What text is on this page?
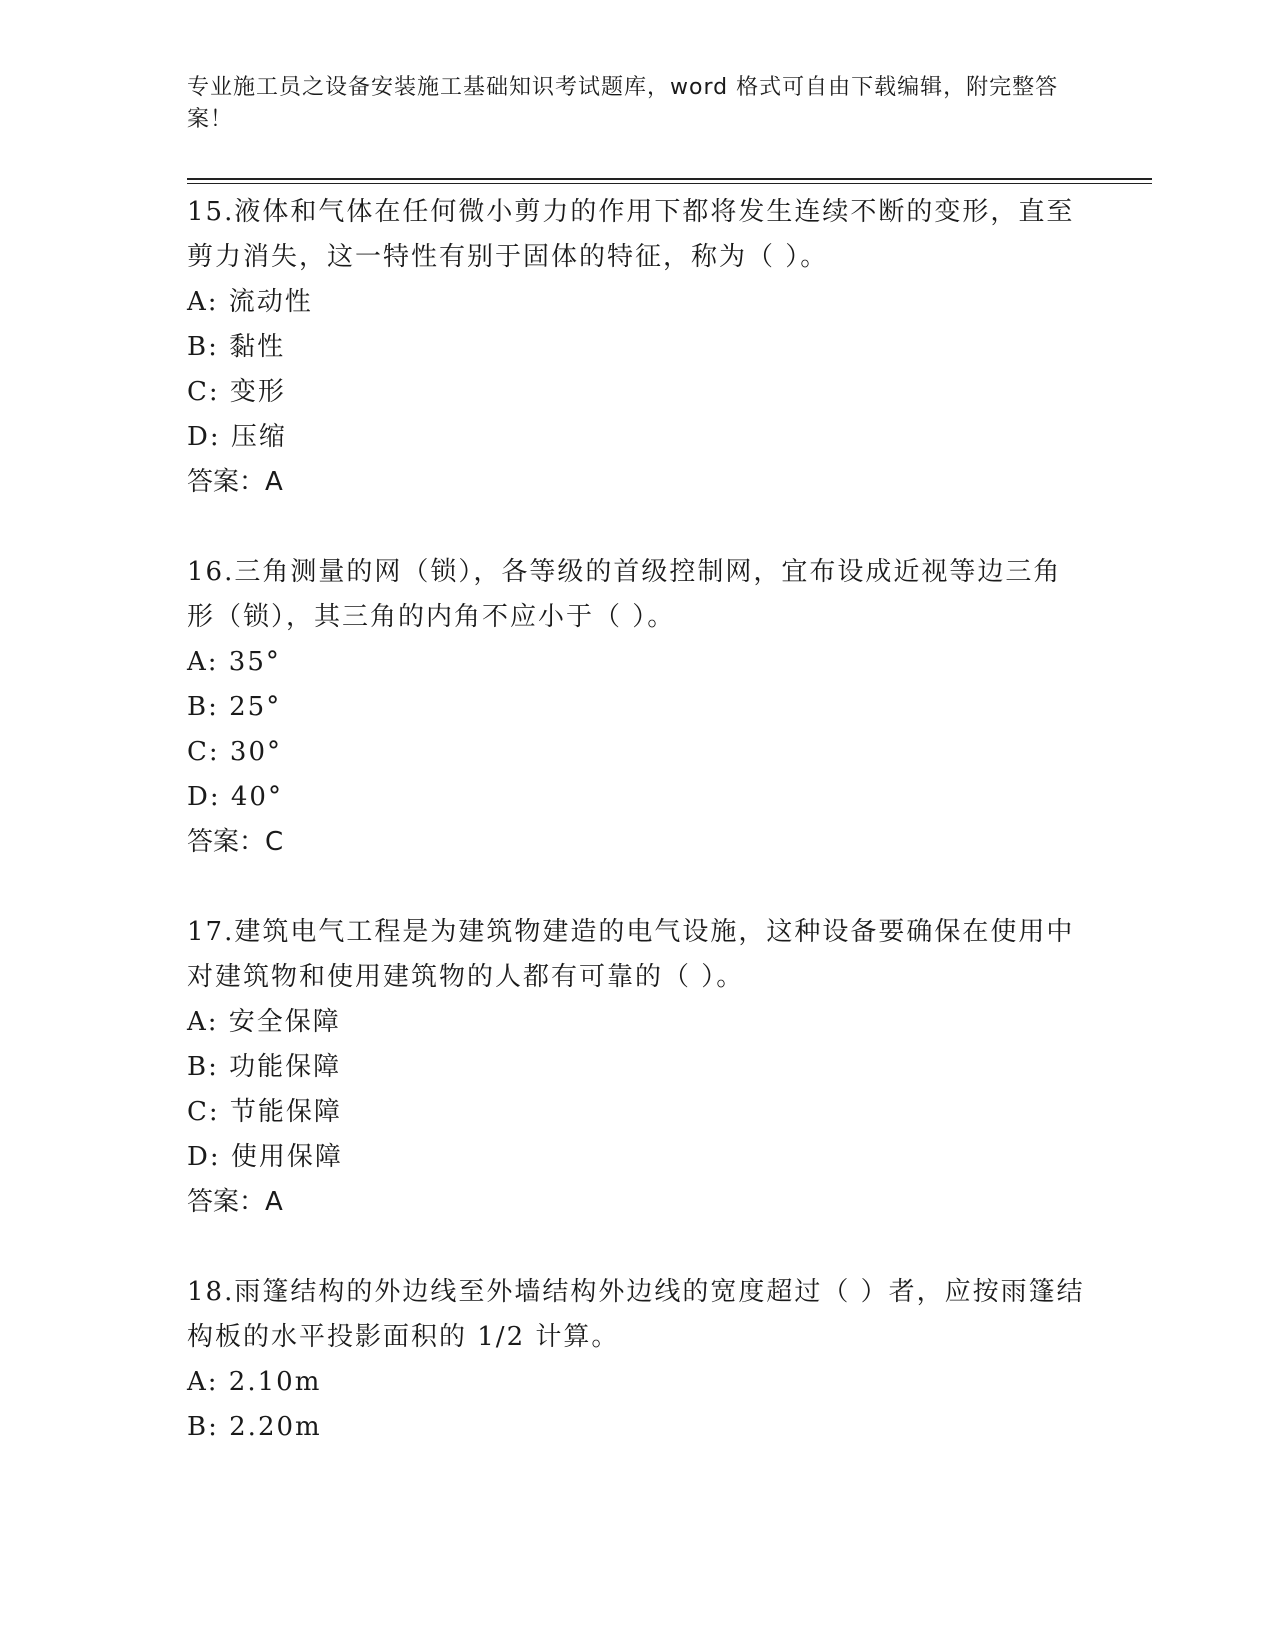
专业施工员之设备安装施工基础知识考试题库，word 格式可自由下载编辑，附完整答案！

15.液体和气体在任何微小剪力的作用下都将发生连续不断的变形，直至剪力消失，这一特性有别于固体的特征，称为（ ）。

A: 流动性

B: 黏性

C: 变形

D: 压缩

答案：A

16.三角测量的网（锁），各等级的首级控制网，宜布设成近视等边三角形（锁），其三角的内角不应小于（ ）。

A: 35°

B: 25°

C: 30°

D: 40°

答案：C

17.建筑电气工程是为建筑物建造的电气设施，这种设备要确保在使用中对建筑物和使用建筑物的人都有可靠的（ ）。

A: 安全保障

B: 功能保障

C: 节能保障

D: 使用保障

答案：A

18.雨篷结构的外边线至外墙结构外边线的宽度超过（ ）者，应按雨篷结构板的水平投影面积的 1/2 计算。

A: 2.10m

B: 2.20m
